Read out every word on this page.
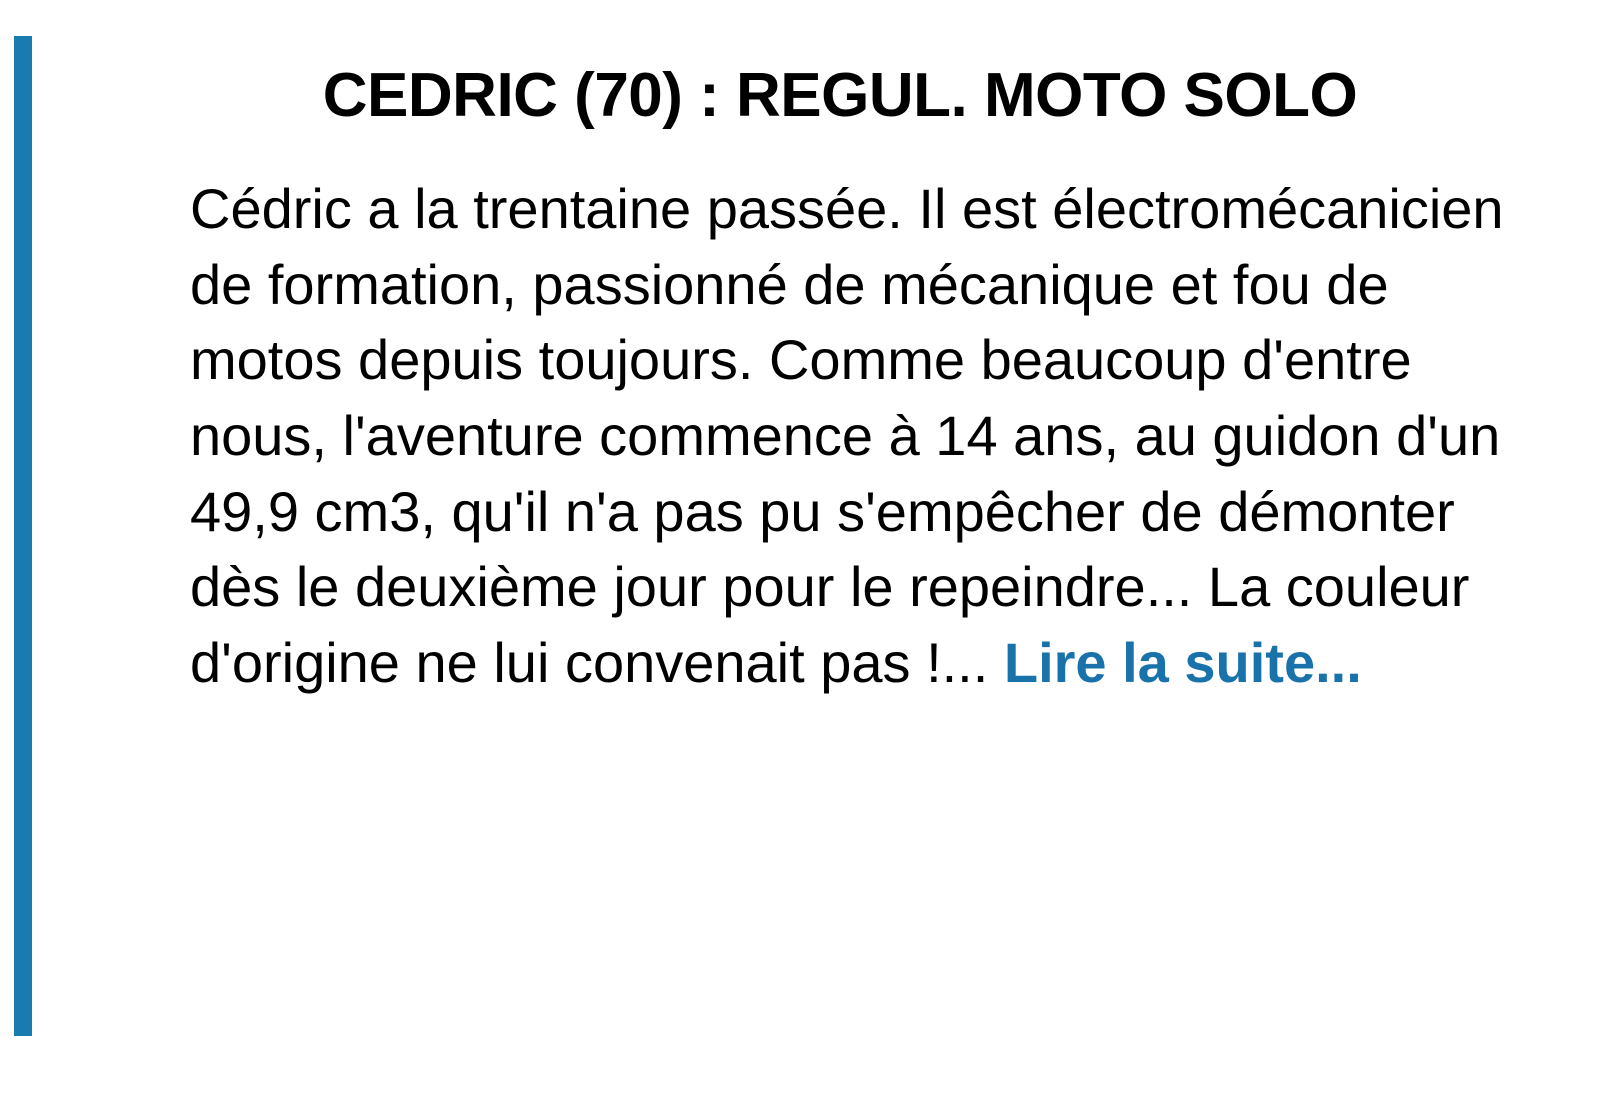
CEDRIC (70) : REGUL. MOTO SOLO

Cédric a la trentaine passée. Il est électromécanicien de formation, passionné de mécanique et fou de motos depuis toujours. Comme beaucoup d'entre nous, l'aventure commence à 14 ans, au guidon d'un 49,9 cm3, qu'il n'a pas pu s'empêcher de démonter dès le deuxième jour pour le repeindre... La couleur d'origine ne lui convenait pas !... Lire la suite...
